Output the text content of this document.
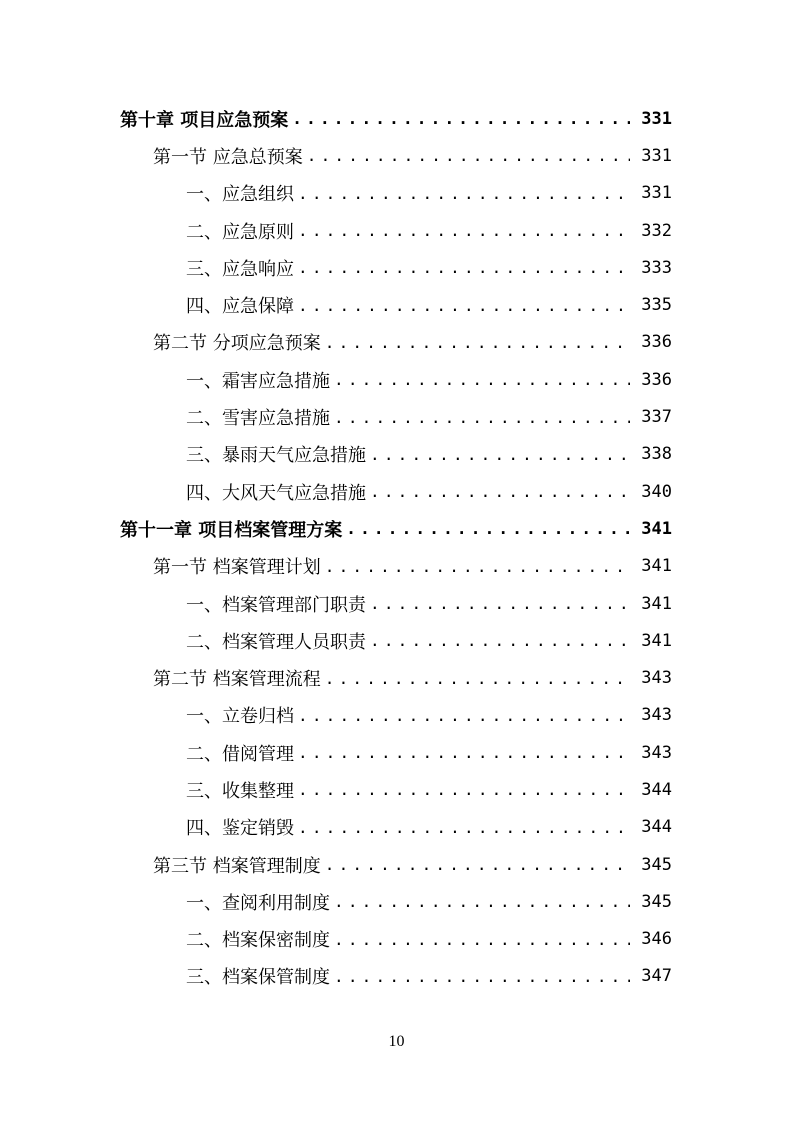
第十章 项目应急预案 .....	331
第一节 应急总预案 .....	331
一、应急组织 .....	331
二、应急原则 .....	332
三、应急响应 .....	333
四、应急保障 .....	335
第二节 分项应急预案 .....	336
一、霜害应急措施 .....	336
二、雪害应急措施 .....	337
三、暴雨天气应急措施 .....	338
四、大风天气应急措施 .....	340
第十一章 项目档案管理方案 .....	341
第一节 档案管理计划 .....	341
一、档案管理部门职责 .....	341
二、档案管理人员职责 .....	341
第二节 档案管理流程 .....	343
一、立卷归档 .....	343
二、借阅管理 .....	343
三、收集整理 .....	344
四、鉴定销毁 .....	344
第三节 档案管理制度 .....	345
一、查阅利用制度 .....	345
二、档案保密制度 .....	346
三、档案保管制度 .....	347
10
